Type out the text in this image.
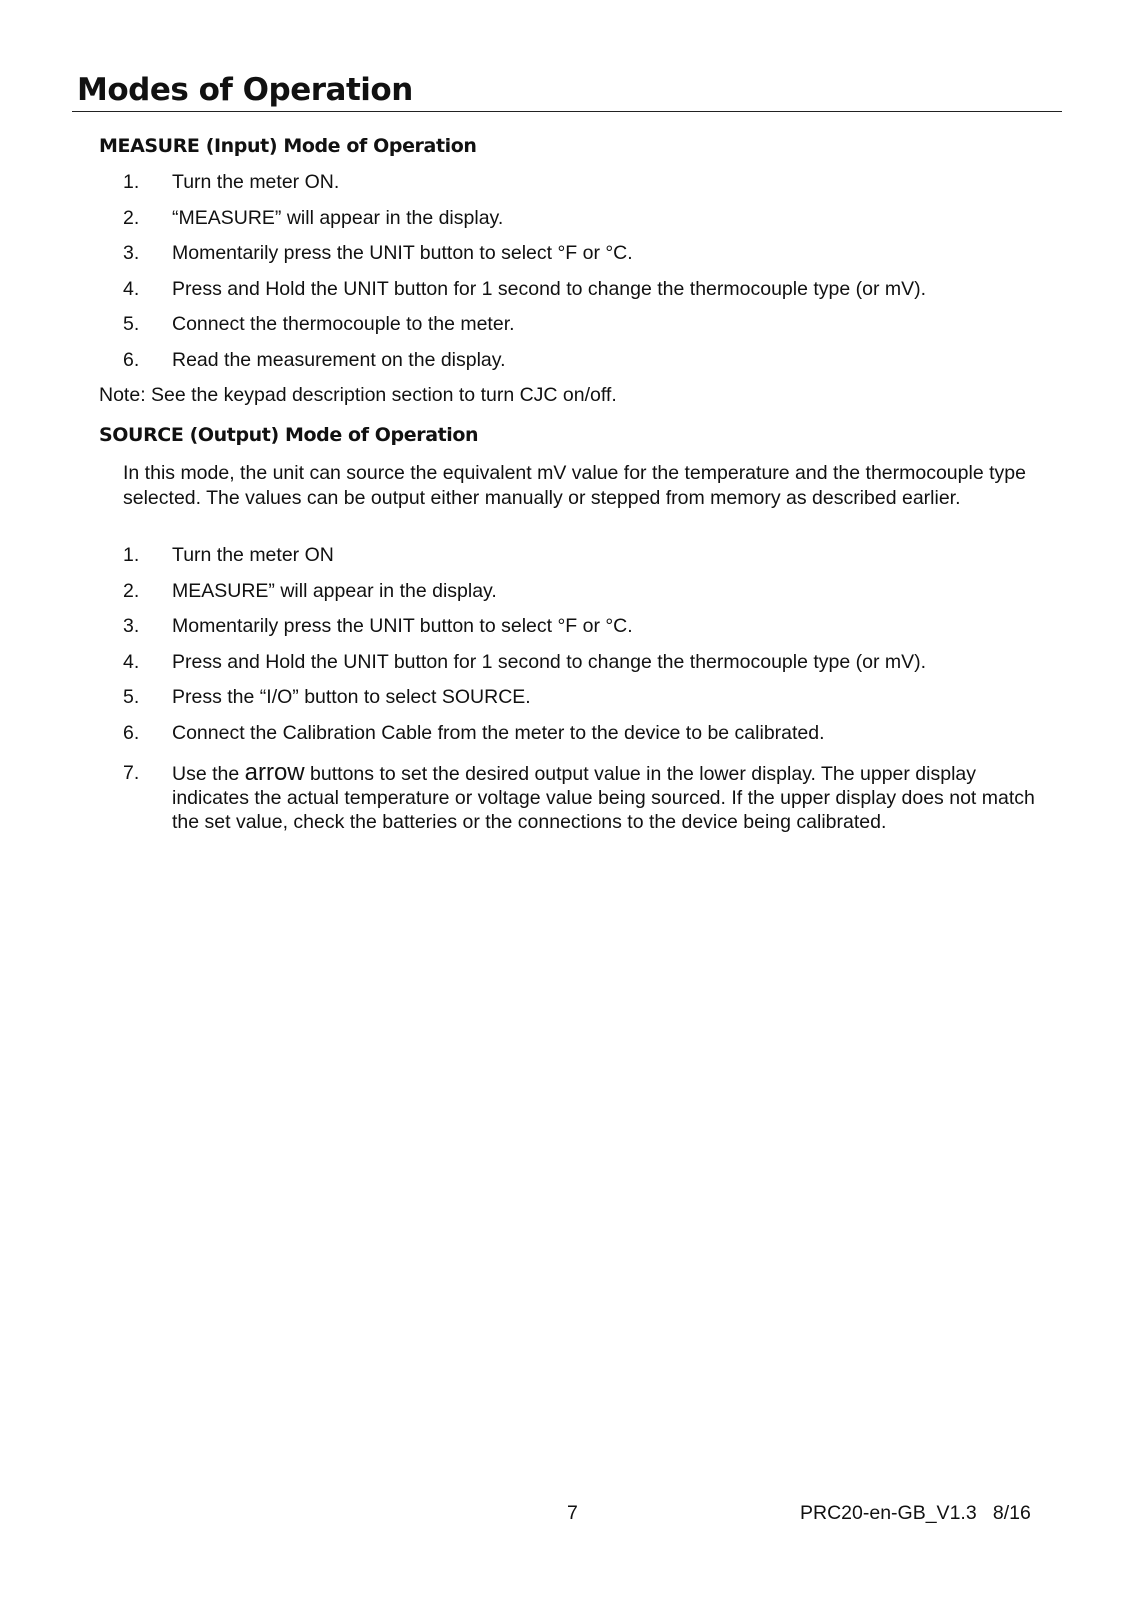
Modes of Operation
MEASURE (Input) Mode of Operation
1. Turn the meter ON.
2. “MEASURE” will appear in the display.
3. Momentarily press the UNIT button to select °F or °C.
4. Press and Hold the UNIT button for 1 second to change the thermocouple type (or mV).
5. Connect the thermocouple to the meter.
6. Read the measurement on the display.

Note: See the keypad description section to turn CJC on/off.

SOURCE (Output) Mode of Operation

In this mode, the unit can source the equivalent mV value for the temperature and the thermocouple type selected. The values can be output either manually or stepped from memory as described earlier.

1. Turn the meter ON
2. MEASURE” will appear in the display.
3. Momentarily press the UNIT button to select °F or °C.
4. Press and Hold the UNIT button for 1 second to change the thermocouple type (or mV).
5. Press the “I/O” button to select SOURCE.
6. Connect the Calibration Cable from the meter to the device to be calibrated.
7. Use the arrow buttons to set the desired output value in the lower display. The upper display indicates the actual temperature or voltage value being sourced. If the upper display does not match the set value, check the batteries or the connections to the device being calibrated.
7	PRC20-en-GB_V1.3   8/16
